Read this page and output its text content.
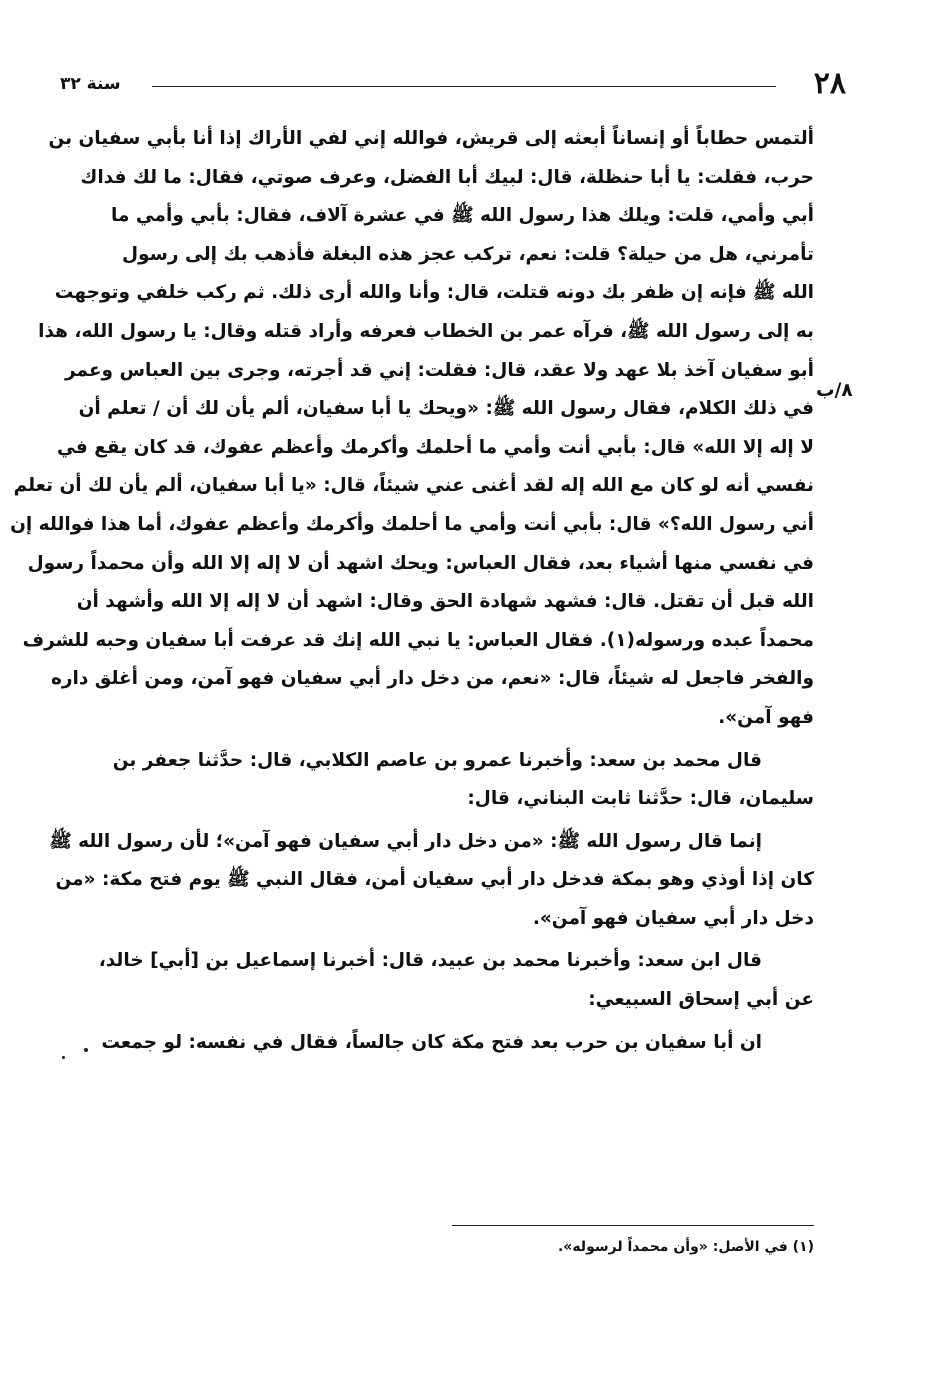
٢٨
سنة ٣٢
٨/ب
ألتمس حطاباً أو إنساناً أبعثه إلى قريش، فوالله إني لفي الأراك إذا أنا بأبي سفيان بن
حرب، فقلت: يا أبا حنظلة، قال: لبيك أبا الفضل، وعرف صوتي، فقال: ما لك فداك
أبي وأمي، قلت: ويلك هذا رسول الله ﷺ في عشرة آلاف، فقال: بأبي وأمي ما
تأمرني، هل من حيلة؟ قلت: نعم، تركب عجز هذه البغلة فأذهب بك إلى رسول
الله ﷺ فإنه إن ظفر بك دونه قتلت، قال: وأنا والله أرى ذلك. ثم ركب خلفي وتوجهت
به إلى رسول الله ﷺ، فرآه عمر بن الخطاب فعرفه وأراد قتله وقال: يا رسول الله، هذا
أبو سفيان آخذ بلا عهد ولا عقد، قال: فقلت: إني قد أجرته، وجرى بين العباس وعمر
في ذلك الكلام، فقال رسول الله ﷺ: «ويحك يا أبا سفيان، ألم يأن لك أن / تعلم أن
لا إله إلا الله» قال: بأبي أنت وأمي ما أحلمك وأكرمك وأعظم عفوك، قد كان يقع في
نفسي أنه لو كان مع الله إله لقد أغنى عني شيئاً، قال: «يا أبا سفيان، ألم يأن لك أن تعلم
أني رسول الله؟» قال: بأبي أنت وأمي ما أحلمك وأكرمك وأعظم عفوك، أما هذا فوالله إن
في نفسي منها أشياء بعد، فقال العباس: ويحك اشهد أن لا إله إلا الله وأن محمداً رسول
الله قبل أن تقتل. قال: فشهد شهادة الحق وقال: اشهد أن لا إله إلا الله وأشهد أن
محمداً عبده ورسوله(١). فقال العباس: يا نبي الله إنك قد عرفت أبا سفيان وحبه للشرف
والفخر فاجعل له شيئاً، قال: «نعم، من دخل دار أبي سفيان فهو آمن، ومن أغلق داره
فهو آمن».
قال محمد بن سعد: وأخبرنا عمرو بن عاصم الكلابي، قال: حدَّثنا جعفر بن
سليمان، قال: حدَّثنا ثابت البناني، قال:
إنما قال رسول الله ﷺ: «من دخل دار أبي سفيان فهو آمن»؛ لأن رسول الله ﷺ
كان إذا أوذي وهو بمكة فدخل دار أبي سفيان أمن، فقال النبي ﷺ يوم فتح مكة: «من
دخل دار أبي سفيان فهو آمن».
قال ابن سعد: وأخبرنا محمد بن عبيد، قال: أخبرنا إسماعيل بن [أبي] خالد،
عن أبي إسحاق السبيعي:
ان أبا سفيان بن حرب بعد فتح مكة كان جالساً، فقال في نفسه: لو جمعت
(١) في الأصل: «وأن محمداً لرسوله».
